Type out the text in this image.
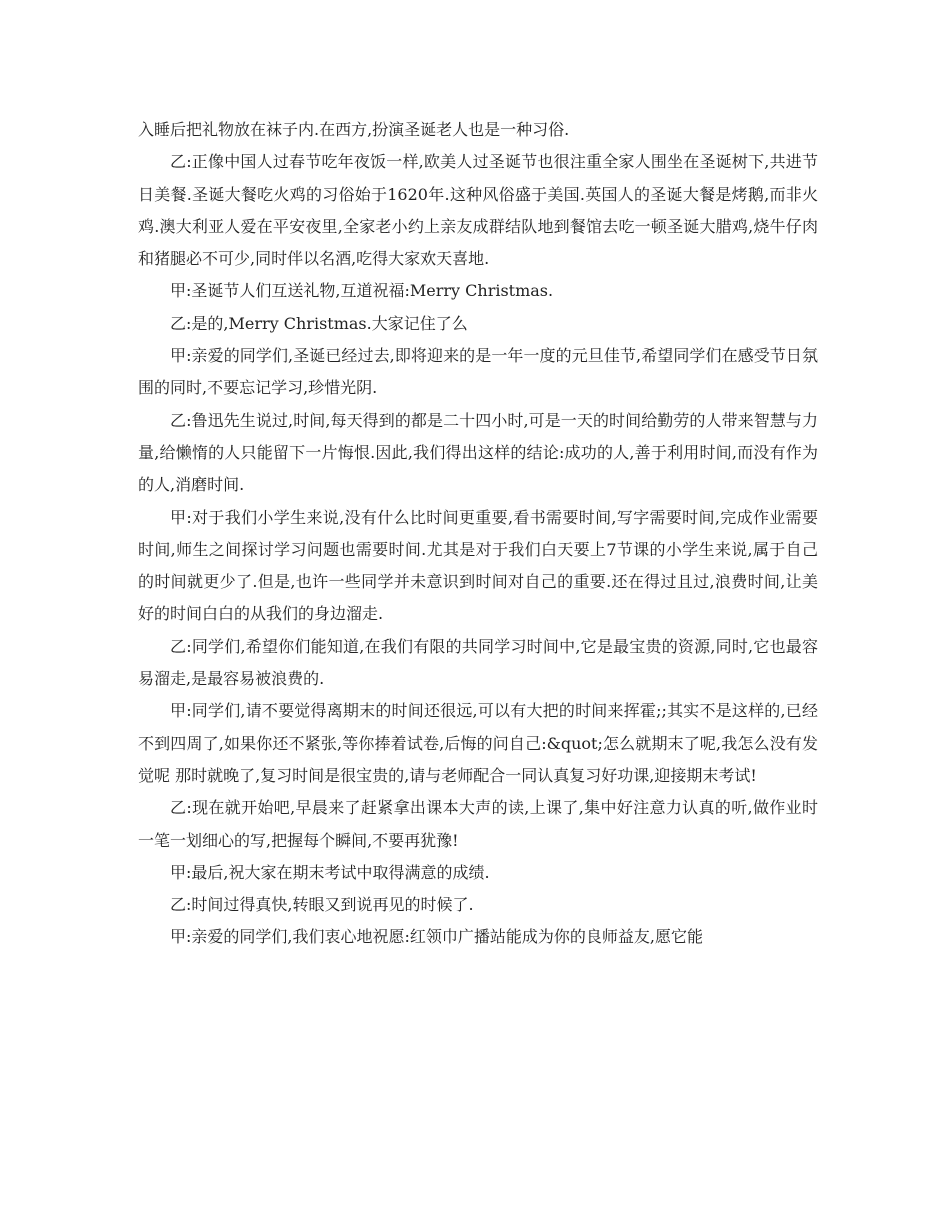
入睡后把礼物放在袜子内.在西方,扮演圣诞老人也是一种习俗.

乙:正像中国人过春节吃年夜饭一样,欧美人过圣诞节也很注重全家人围坐在圣诞树下,共进节日美餐.圣诞大餐吃火鸡的习俗始于1620年.这种风俗盛于美国.英国人的圣诞大餐是烤鹅,而非火鸡.澳大利亚人爱在平安夜里,全家老小约上亲友成群结队地到餐馆去吃一顿圣诞大腊鸡,烧牛仔肉和猪腿必不可少,同时伴以名酒,吃得大家欢天喜地.

甲:圣诞节人们互送礼物,互道祝福:Merry Christmas.

乙:是的,Merry Christmas.大家记住了么

甲:亲爱的同学们,圣诞已经过去,即将迎来的是一年一度的元旦佳节,希望同学们在感受节日氛围的同时,不要忘记学习,珍惜光阴.

乙:鲁迅先生说过,时间,每天得到的都是二十四小时,可是一天的时间给勤劳的人带来智慧与力量,给懒惰的人只能留下一片悔恨.因此,我们得出这样的结论:成功的人,善于利用时间,而没有作为的人,消磨时间.

甲:对于我们小学生来说,没有什么比时间更重要,看书需要时间,写字需要时间,完成作业需要时间,师生之间探讨学习问题也需要时间.尤其是对于我们白天要上7节课的小学生来说,属于自己的时间就更少了.但是,也许一些同学并未意识到时间对自己的重要.还在得过且过,浪费时间,让美好的时间白白的从我们的身边溜走.

乙:同学们,希望你们能知道,在我们有限的共同学习时间中,它是最宝贵的资源,同时,它也最容易溜走,是最容易被浪费的.

甲:同学们,请不要觉得离期末的时间还很远,可以有大把的时间来挥霍;;其实不是这样的,已经不到四周了,如果你还不紧张,等你捧着试卷,后悔的问自己:&quot;怎么就期末了呢,我怎么没有发觉呢 那时就晚了,复习时间是很宝贵的,请与老师配合一同认真复习好功课,迎接期末考试!

乙:现在就开始吧,早晨来了赶紧拿出课本大声的读,上课了,集中好注意力认真的听,做作业时一笔一划细心的写,把握每个瞬间,不要再犹豫!

甲:最后,祝大家在期末考试中取得满意的成绩.

乙:时间过得真快,转眼又到说再见的时候了.

甲:亲爱的同学们,我们衷心地祝愿:红领巾广播站能成为你的良师益友,愿它能
